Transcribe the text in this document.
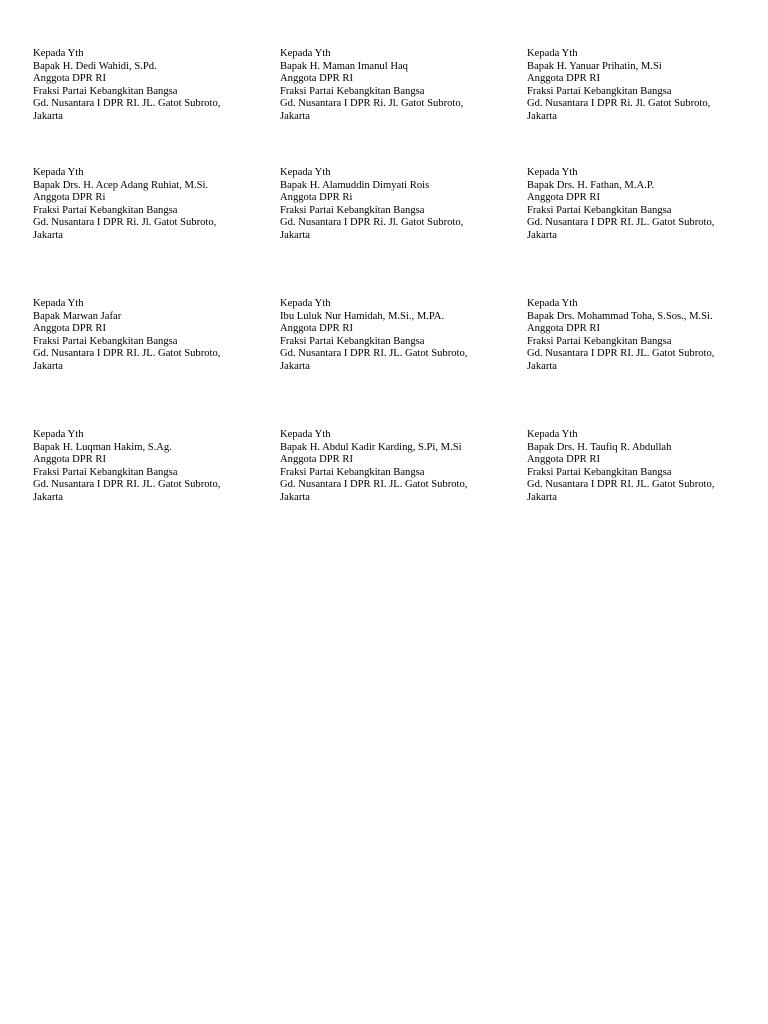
Kepada Yth
Bapak H. Dedi Wahidi, S.Pd.
Anggota DPR RI
Fraksi Partai Kebangkitan Bangsa
Gd. Nusantara I DPR RI. JL. Gatot Subroto,
Jakarta
Kepada Yth
Bapak H. Maman Imanul Haq
Anggota DPR RI
Fraksi Partai Kebangkitan Bangsa
Gd. Nusantara I DPR Ri. Jl. Gatot Subroto,
Jakarta
Kepada Yth
Bapak H. Yanuar Prihatin, M.Si
Anggota DPR RI
Fraksi Partai Kebangkitan Bangsa
Gd. Nusantara I DPR Ri. Jl. Gatot Subroto,
Jakarta
Kepada Yth
Bapak Drs. H. Acep Adang Ruhiat, M.Si.
Anggota DPR Ri
Fraksi Partai Kebangkitan Bangsa
Gd. Nusantara I DPR Ri. Jl. Gatot Subroto,
Jakarta
Kepada Yth
Bapak H. Alamuddin Dimyati Rois
Anggota DPR Ri
Fraksi Partai Kebangkitan Bangsa
Gd. Nusantara I DPR Ri. Jl. Gatot Subroto,
Jakarta
Kepada Yth
Bapak Drs. H. Fathan, M.A.P.
Anggota DPR RI
Fraksi Partai Kebangkitan Bangsa
Gd. Nusantara I DPR RI. JL. Gatot Subroto,
Jakarta
Kepada Yth
Bapak Marwan Jafar
Anggota DPR RI
Fraksi Partai Kebangkitan Bangsa
Gd. Nusantara I DPR RI. JL. Gatot Subroto,
Jakarta
Kepada Yth
Ibu Luluk Nur Hamidah, M.Si., M.PA.
Anggota DPR RI
Fraksi Partai Kebangkitan Bangsa
Gd. Nusantara I DPR RI. JL. Gatot Subroto,
Jakarta
Kepada Yth
Bapak Drs. Mohammad Toha, S.Sos., M.Si.
Anggota DPR RI
Fraksi Partai Kebangkitan Bangsa
Gd. Nusantara I DPR RI. JL. Gatot Subroto,
Jakarta
Kepada Yth
Bapak H. Luqman Hakim, S.Ag.
Anggota DPR RI
Fraksi Partai Kebangkitan Bangsa
Gd. Nusantara I DPR RI. JL. Gatot Subroto,
Jakarta
Kepada Yth
Bapak H. Abdul Kadir Karding, S.Pi, M.Si
Anggota DPR RI
Fraksi Partai Kebangkitan Bangsa
Gd. Nusantara I DPR RI. JL. Gatot Subroto,
Jakarta
Kepada Yth
Bapak Drs. H. Taufiq R. Abdullah
Anggota DPR RI
Fraksi Partai Kebangkitan Bangsa
Gd. Nusantara I DPR RI. JL. Gatot Subroto,
Jakarta
